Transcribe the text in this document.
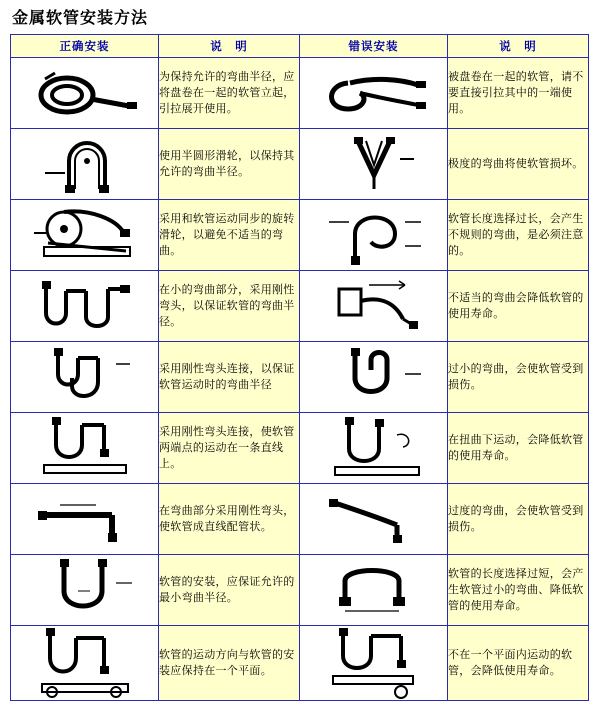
金属软管安装方法
正确安装	说　明	错误安装	说　明

	为保持允许的弯曲半径，应将盘卷在一起的软管立起，引拉展开使用。		被盘卷在一起的软管，请不要直接引拉其中的一端使用。

	使用半圆形滑轮，以保持其允许的弯曲半径。		极度的弯曲将使软管损坏。

	采用和软管运动同步的旋转滑轮，以避免不适当的弯曲。		软管长度选择过长，会产生不规则的弯曲，是必须注意的。

	在小的弯曲部分，采用刚性弯头，以保证软管的弯曲半径。		不适当的弯曲会降低软管的使用寿命。

	采用刚性弯头连接，以保证软管运动时的弯曲半径		过小的弯曲，会使软管受到损伤。

	采用刚性弯头连接，使软管两端点的运动在一条直线上。		在扭曲下运动，会降低软管的使用寿命。

	在弯曲部分采用刚性弯头，使软管成直线配管状。		过度的弯曲，会使软管受到损伤。

	软管的安装，应保证允许的最小弯曲半径。		软管的长度选择过短，会产生软管过小的弯曲、降低软管的使用寿命。

	软管的运动方向与软管的安装应保持在一个平面。		不在一个平面内运动的软管，会降低使用寿命。
